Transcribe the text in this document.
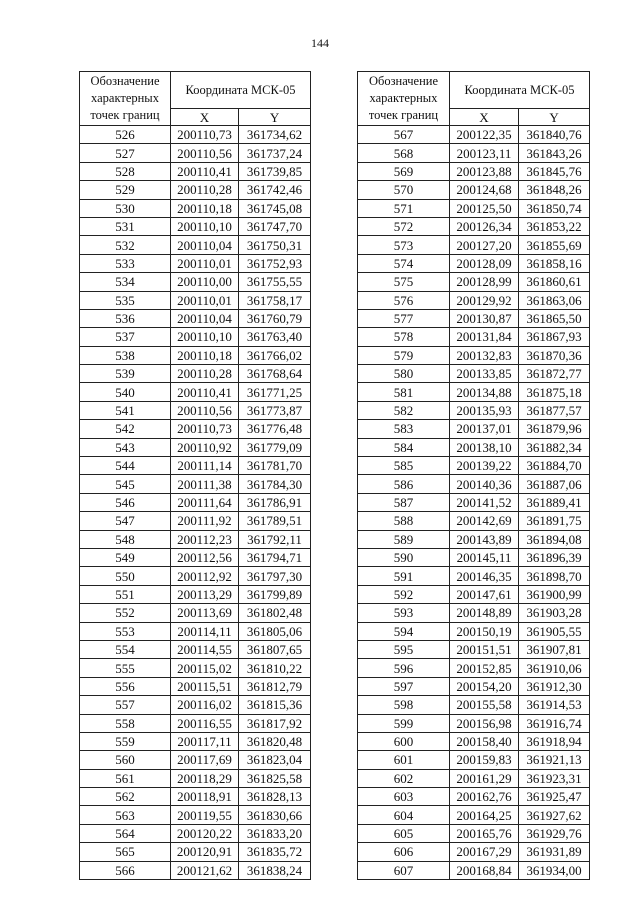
144
Обозначение характерных точек границ	Координата МСК-05	
	X	Y
526	200110,73	361734,62
527	200110,56	361737,24
528	200110,41	361739,85
529	200110,28	361742,46
530	200110,18	361745,08
531	200110,10	361747,70
532	200110,04	361750,31
533	200110,01	361752,93
534	200110,00	361755,55
535	200110,01	361758,17
536	200110,04	361760,79
537	200110,10	361763,40
538	200110,18	361766,02
539	200110,28	361768,64
540	200110,41	361771,25
541	200110,56	361773,87
542	200110,73	361776,48
543	200110,92	361779,09
544	200111,14	361781,70
545	200111,38	361784,30
546	200111,64	361786,91
547	200111,92	361789,51
548	200112,23	361792,11
549	200112,56	361794,71
550	200112,92	361797,30
551	200113,29	361799,89
552	200113,69	361802,48
553	200114,11	361805,06
554	200114,55	361807,65
555	200115,02	361810,22
556	200115,51	361812,79
557	200116,02	361815,36
558	200116,55	361817,92
559	200117,11	361820,48
560	200117,69	361823,04
561	200118,29	361825,58
562	200118,91	361828,13
563	200119,55	361830,66
564	200120,22	361833,20
565	200120,91	361835,72
566	200121,62	361838,24
Обозначение характерных точек границ	Координата МСК-05	
	X	Y
567	200122,35	361840,76
568	200123,11	361843,26
569	200123,88	361845,76
570	200124,68	361848,26
571	200125,50	361850,74
572	200126,34	361853,22
573	200127,20	361855,69
574	200128,09	361858,16
575	200128,99	361860,61
576	200129,92	361863,06
577	200130,87	361865,50
578	200131,84	361867,93
579	200132,83	361870,36
580	200133,85	361872,77
581	200134,88	361875,18
582	200135,93	361877,57
583	200137,01	361879,96
584	200138,10	361882,34
585	200139,22	361884,70
586	200140,36	361887,06
587	200141,52	361889,41
588	200142,69	361891,75
589	200143,89	361894,08
590	200145,11	361896,39
591	200146,35	361898,70
592	200147,61	361900,99
593	200148,89	361903,28
594	200150,19	361905,55
595	200151,51	361907,81
596	200152,85	361910,06
597	200154,20	361912,30
598	200155,58	361914,53
599	200156,98	361916,74
600	200158,40	361918,94
601	200159,83	361921,13
602	200161,29	361923,31
603	200162,76	361925,47
604	200164,25	361927,62
605	200165,76	361929,76
606	200167,29	361931,89
607	200168,84	361934,00
